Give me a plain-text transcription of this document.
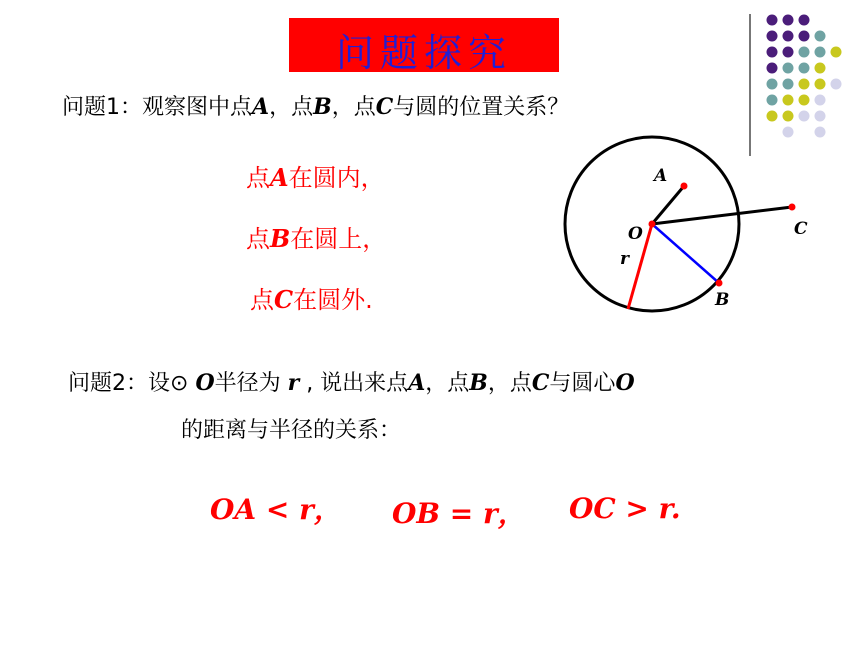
问题探究
问题1：观察图中点A，点B，点C与圆的位置关系？
点A在圆内，
点B在圆上，
点C在圆外.
A
C
B
O
r
问题2：设⊙ O半径为 r , 说出来点A，点B，点C与圆心O
的距离与半径的关系：
OA < r， OB = r， OC > r.
